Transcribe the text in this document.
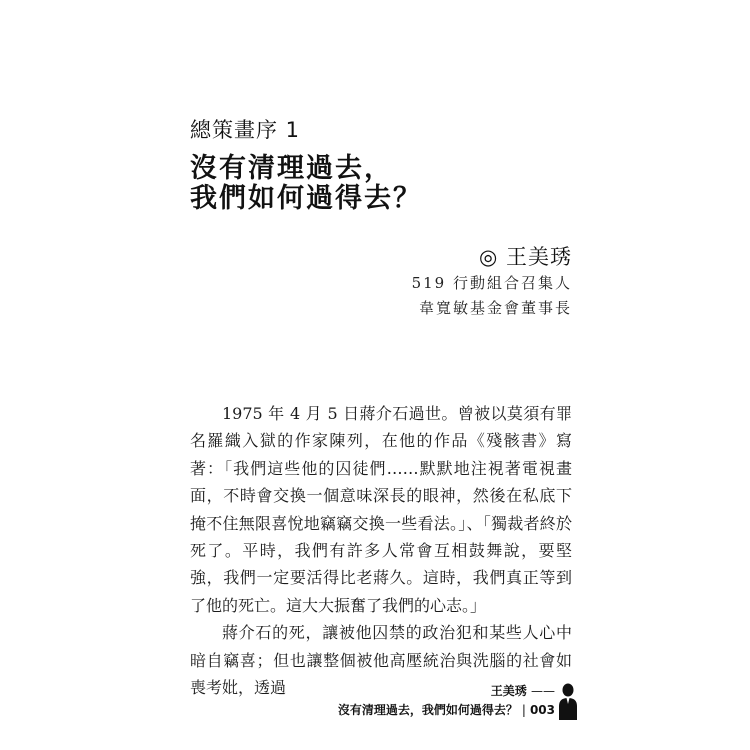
總策畫序 1
沒有清理過去，
我們如何過得去？
◎ 王美琇
519 行動組合召集人
韋寬敏基金會董事長

1975 年 4 月 5 日蔣介石過世。曾被以莫須有罪名羅織入獄的作家陳列，在他的作品《殘骸書》寫著：「我們這些他的囚徒們……默默地注視著電視畫面，不時會交換一個意味深長的眼神，然後在私底下掩不住無限喜悅地竊竊交換一些看法。」、「獨裁者終於死了。平時，我們有許多人常會互相鼓舞說，要堅強，我們一定要活得比老蔣久。這時，我們真正等到了他的死亡。這大大振奮了我們的心志。」

蔣介石的死，讓被他囚禁的政治犯和某些人心中暗自竊喜；但也讓整個被他高壓統治與洗腦的社會如喪考妣，透過	王美琇 ——
沒有清理過去，我們如何過得去？ | 003
